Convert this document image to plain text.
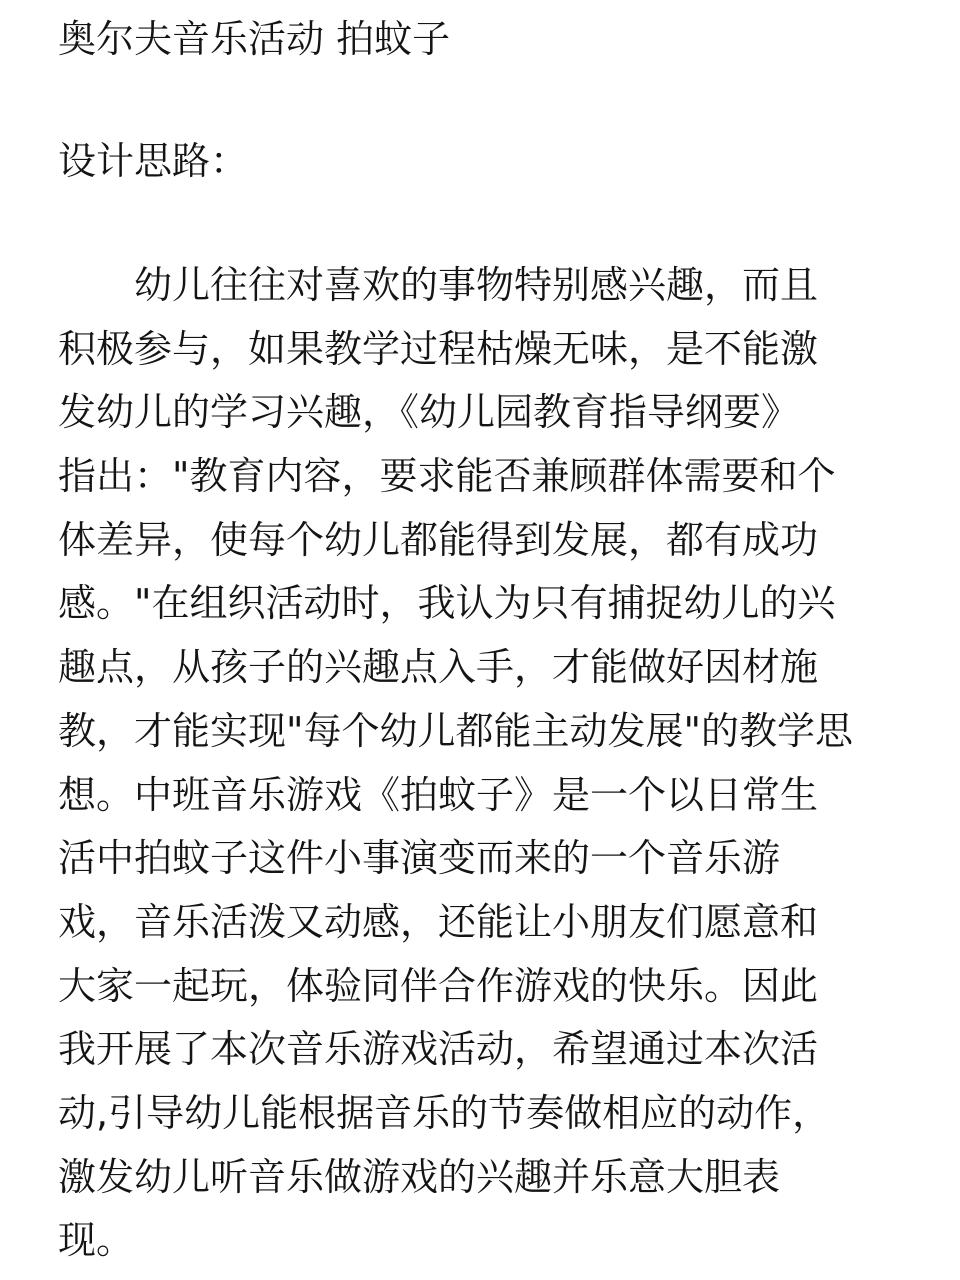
奥尔夫音乐活动 拍蚊子
设计思路：
　　幼儿往往对喜欢的事物特别感兴趣，而且
积极参与，如果教学过程枯燥无味，是不能激
发幼儿的学习兴趣，《幼儿园教育指导纲要》
指出："教育内容，要求能否兼顾群体需要和个
体差异，使每个幼儿都能得到发展，都有成功
感。"在组织活动时，我认为只有捕捉幼儿的兴
趣点，从孩子的兴趣点入手，才能做好因材施
教，才能实现"每个幼儿都能主动发展"的教学思
想。中班音乐游戏《拍蚊子》是一个以日常生
活中拍蚊子这件小事演变而来的一个音乐游
戏，音乐活泼又动感，还能让小朋友们愿意和
大家一起玩，体验同伴合作游戏的快乐。因此
我开展了本次音乐游戏活动，希望通过本次活
动,引导幼儿能根据音乐的节奏做相应的动作，
激发幼儿听音乐做游戏的兴趣并乐意大胆表
现。
